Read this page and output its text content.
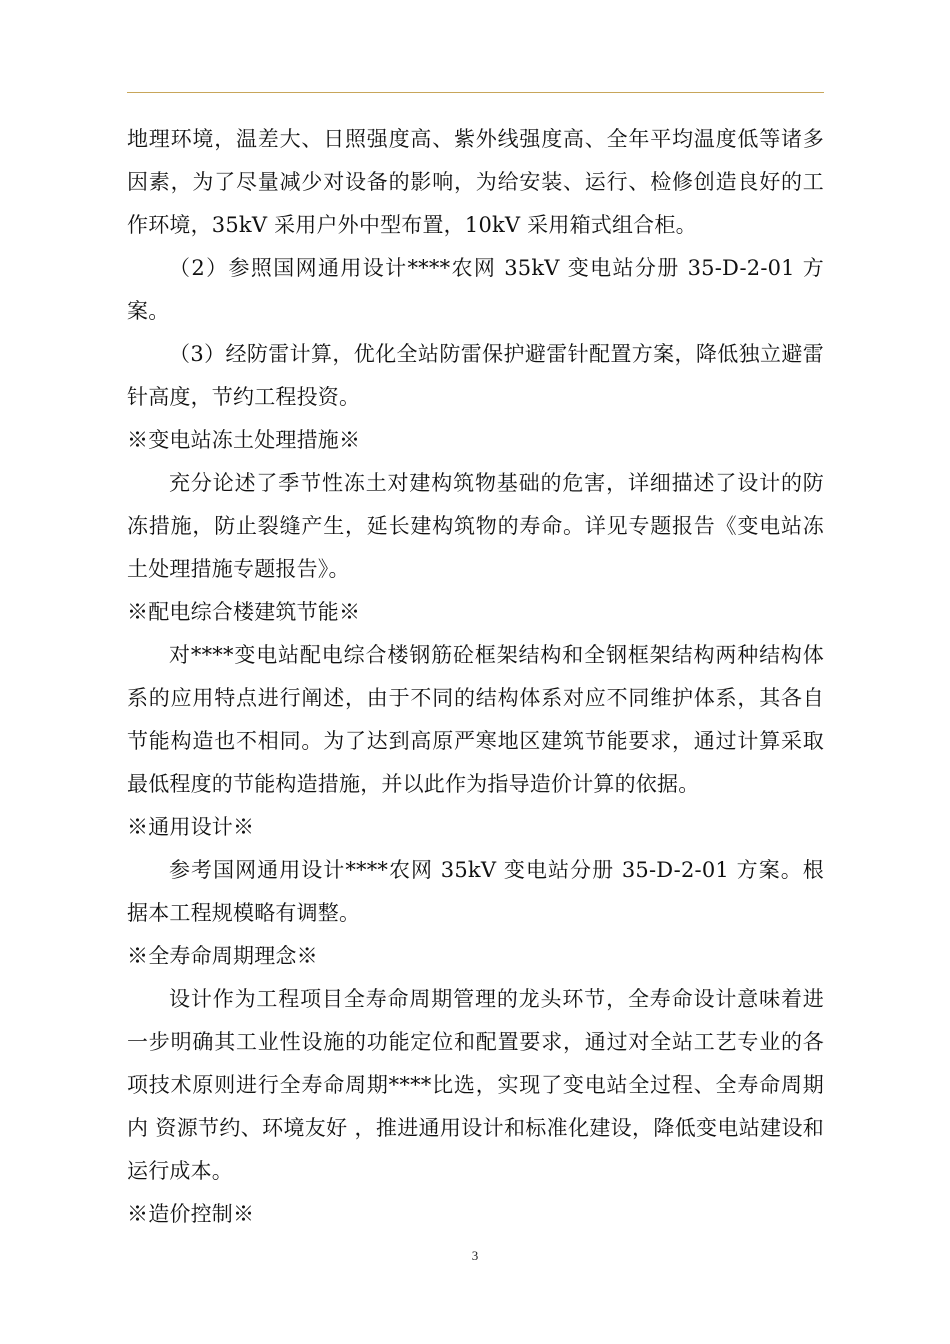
地理环境，温差大、日照强度高、紫外线强度高、全年平均温度低等诸多因素，为了尽量减少对设备的影响，为给安装、运行、检修创造良好的工作环境，35kV 采用户外中型布置，10kV 采用箱式组合柜。

（2）参照国网通用设计****农网 35kV 变电站分册 35-D-2-01 方案。

（3）经防雷计算，优化全站防雷保护避雷针配置方案，降低独立避雷针高度，节约工程投资。

※变电站冻土处理措施※

充分论述了季节性冻土对建构筑物基础的危害，详细描述了设计的防冻措施，防止裂缝产生，延长建构筑物的寿命。详见专题报告《变电站冻土处理措施专题报告》。

※配电综合楼建筑节能※

对****变电站配电综合楼钢筋砼框架结构和全钢框架结构两种结构体系的应用特点进行阐述，由于不同的结构体系对应不同维护体系，其各自节能构造也不相同。为了达到高原严寒地区建筑节能要求，通过计算采取最低程度的节能构造措施，并以此作为指导造价计算的依据。

※通用设计※

参考国网通用设计****农网 35kV 变电站分册 35-D-2-01 方案。根据本工程规模略有调整。

※全寿命周期理念※

设计作为工程项目全寿命周期管理的龙头环节，全寿命设计意味着进一步明确其工业性设施的功能定位和配置要求，通过对全站工艺专业的各项技术原则进行全寿命周期****比选，实现了变电站全过程、全寿命周期内 资源节约、环境友好 ，推进通用设计和标准化建设，降低变电站建设和运行成本。

※造价控制※

3
